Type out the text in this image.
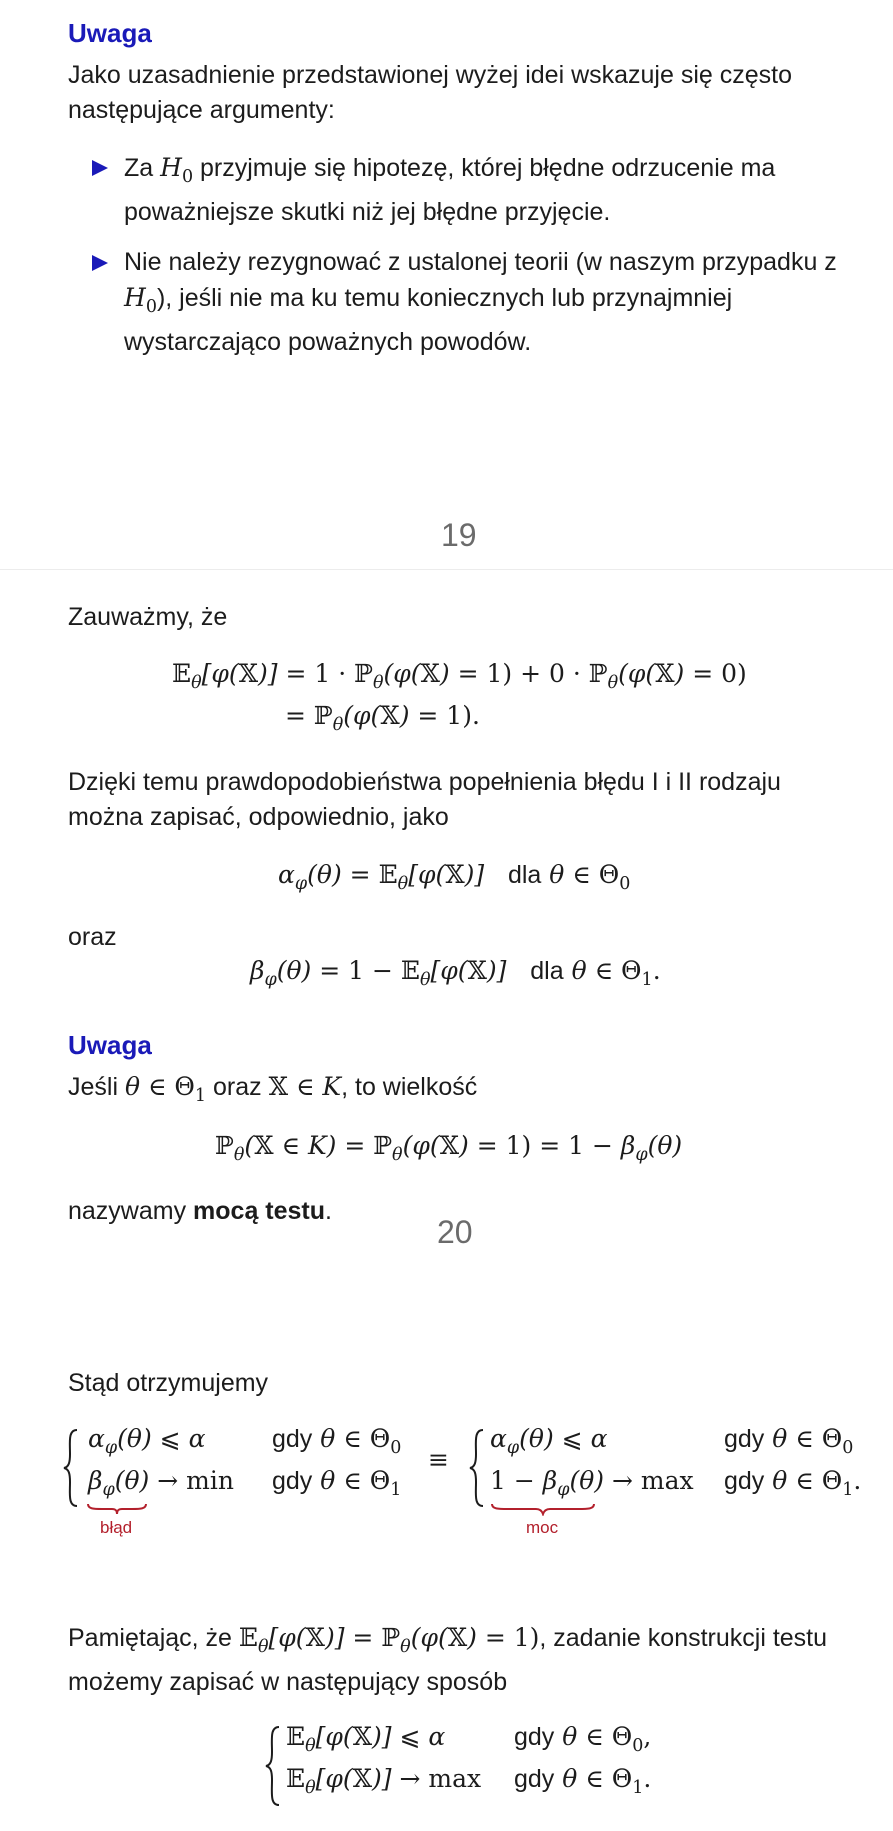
Uwaga
Jako uzasadnienie przedstawionej wyżej idei wskazuje się często następujące argumenty:
Za $H_0$ przyjmuje się hipotezę, której błędne odrzucenie ma poważniejsze skutki niż jej błędne przyjęcie.
Nie należy rezygnować z ustalonej teorii (w naszym przypadku z $H_0$), jeśli nie ma ku temu koniecznych lub przynajmniej wystarczająco poważnych powodów.
19
Zauważmy, że
𝔼$_\theta$[φ(𝕏)] = 1 · ℙ$_\theta$(φ(𝕏) = 1) + 0 · ℙ$_\theta$(φ(𝕏) = 0)
= ℙ$_\theta$(φ(𝕏) = 1).
Dzięki temu prawdopodobieństwa popełnienia błędu I i II rodzaju można zapisać, odpowiednio, jako
$\alpha_\varphi(\theta)$ = 𝔼$_\theta$[φ(𝕏)]   dla θ ∈ $\Theta_0$
oraz
$\beta_\varphi(\theta) = 1$ − 𝔼$_\theta$[φ(𝕏)]   dla θ ∈ $\Theta_1$.
Uwaga
Jeśli θ ∈ $\Theta_1$ oraz 𝕏 ∈ K, to wielkość
ℙ$_\theta$(𝕏 ∈ K) = ℙ$_\theta$(φ(𝕏) = $1) = 1 - \beta_\varphi(\theta)$
nazywamy mocą testu.
20
Stąd otrzymujemy
$\alpha_\varphi(\theta)$ ⩽ α
$\beta_\varphi(\theta) \to \min$
gdy θ ∈ $\Theta_0$
gdy θ ∈ $\Theta_1$
błąd
≡
$\alpha_\varphi(\theta)$ ⩽ α
$1 - \beta_\varphi(\theta) \to \max$
gdy θ ∈ $\Theta_0$
gdy θ ∈ $\Theta_1$.
moc
Pamiętając, że 𝔼$_\theta$[φ(𝕏)] = ℙ$_\theta$(φ(𝕏) = 1), zadanie konstrukcji testu możemy zapisać w następujący sposób
𝔼$_\theta$[φ(𝕏)] ⩽ α
𝔼$_\theta$[φ(𝕏)] → max
gdy θ ∈ $\Theta_0$,
gdy θ ∈ $\Theta_1$.
